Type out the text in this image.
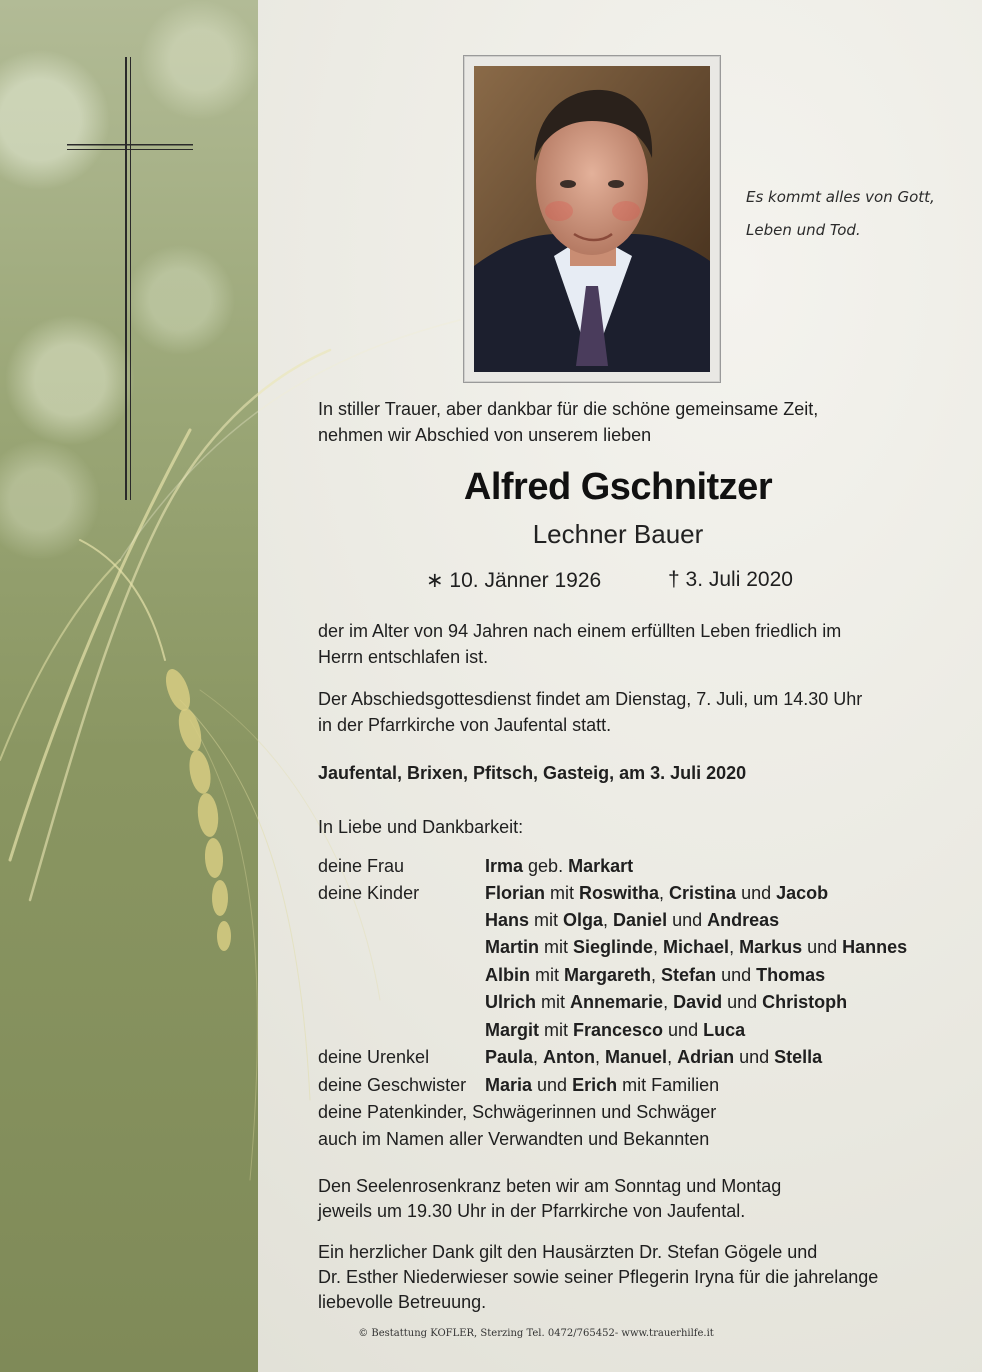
Es kommt alles von Gott,
Leben und Tod.
In stiller Trauer, aber dankbar für die schöne gemeinsame Zeit,
nehmen wir Abschied von unserem lieben
Alfred Gschnitzer
Lechner Bauer
∗ 10. Jänner 1926	† 3. Juli 2020
der im Alter von 94 Jahren nach einem erfüllten Leben friedlich im
Herrn entschlafen ist.
Der Abschiedsgottesdienst findet am Dienstag, 7. Juli, um 14.30 Uhr
in der Pfarrkirche von Jaufental statt.
Jaufental, Brixen, Pfitsch, Gasteig, am 3. Juli 2020
In Liebe und Dankbarkeit:
deine Frau	Irma geb. Markart
deine Kinder	Florian mit Roswitha, Cristina und Jacob
Hans mit Olga, Daniel und Andreas
Martin mit Sieglinde, Michael, Markus und Hannes
Albin mit Margareth, Stefan und Thomas
Ulrich mit Annemarie, David und Christoph
Margit mit Francesco und Luca
deine Urenkel	Paula, Anton, Manuel, Adrian und Stella
deine Geschwister Maria und Erich mit Familien
deine Patenkinder, Schwägerinnen und Schwäger
auch im Namen aller Verwandten und Bekannten
Den Seelenrosenkranz beten wir am Sonntag und Montag
jeweils um 19.30 Uhr in der Pfarrkirche von Jaufental.
Ein herzlicher Dank gilt den Hausärzten Dr. Stefan Gögele und
Dr. Esther Niederwieser sowie seiner Pflegerin Iryna für die jahrelange
liebevolle Betreuung.
© Bestattung KOFLER, Sterzing Tel. 0472/765452- www.trauerhilfe.it
